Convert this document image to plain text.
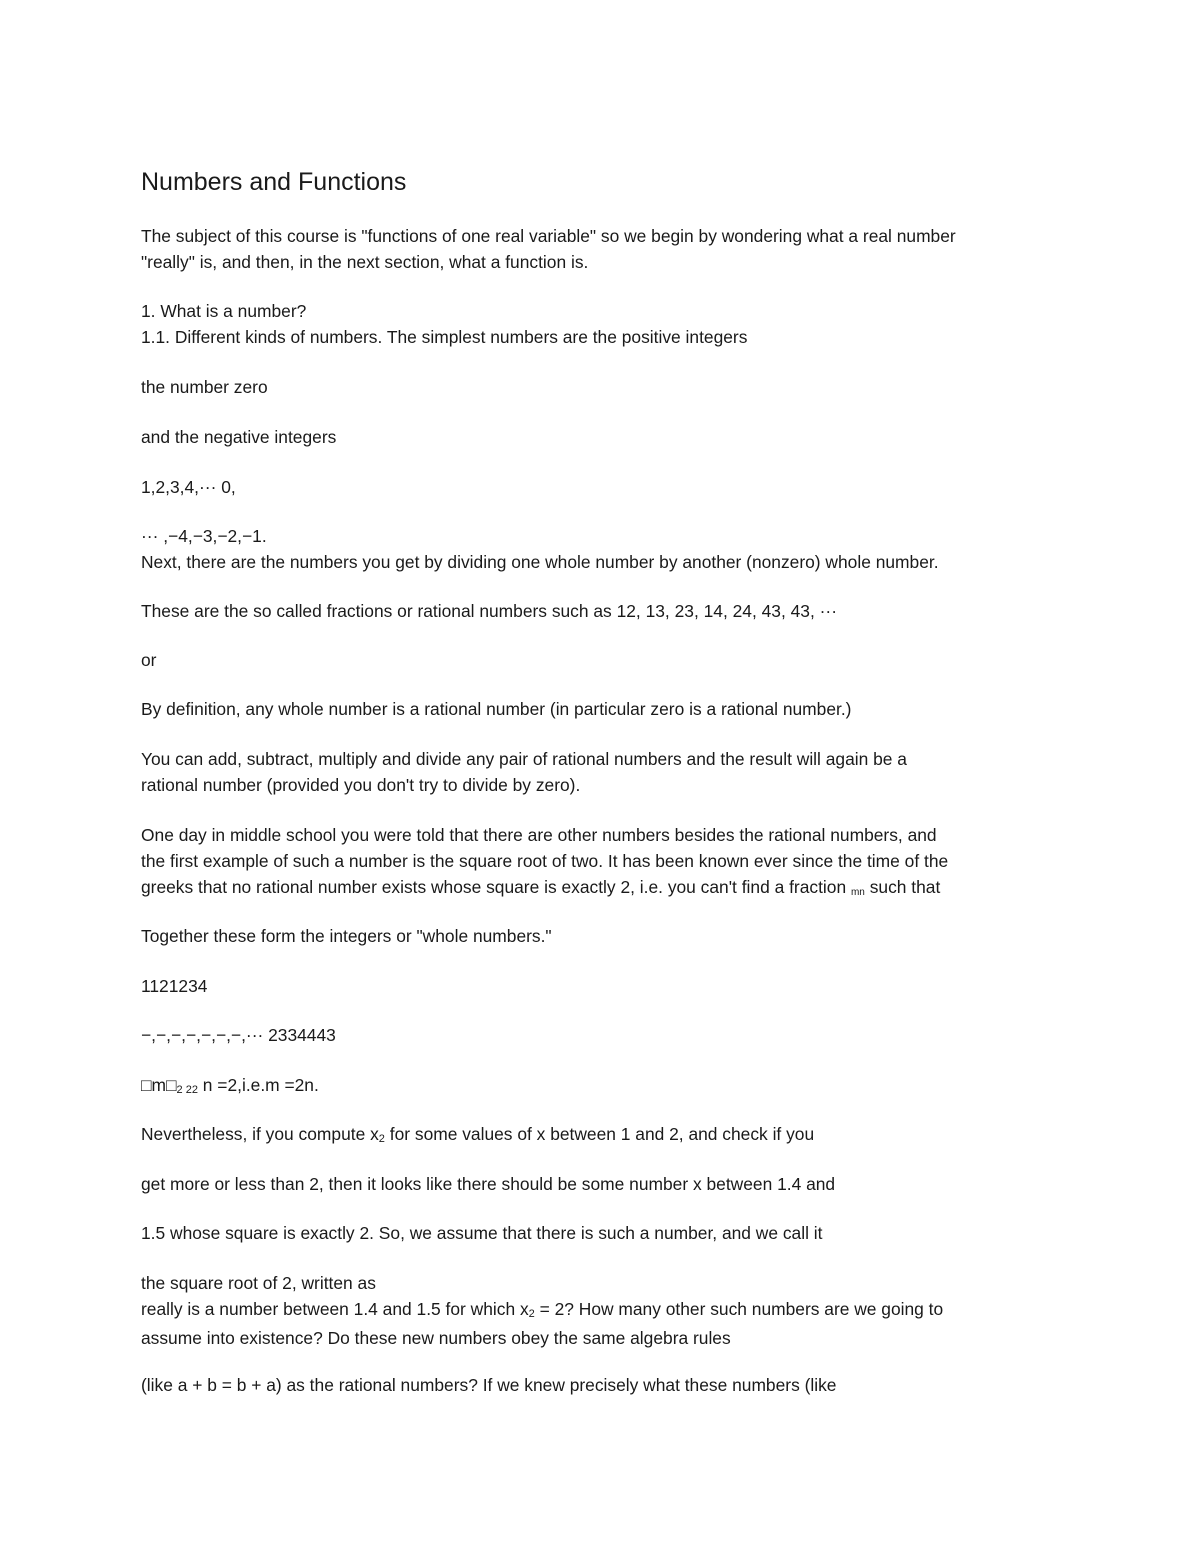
Numbers and Functions

The subject of this course is "functions of one real variable" so we begin by wondering what a real number
"really" is, and then, in the next section, what a function is.

1. What is a number?
1.1. Different kinds of numbers. The simplest numbers are the positive integers

the number zero

and the negative integers

1,2,3,4,··· 0,

··· ,−4,−3,−2,−1.
Next, there are the numbers you get by dividing one whole number by another (nonzero) whole number.

These are the so called fractions or rational numbers such as 12, 13, 23, 14, 24, 43, 43, ···

or

By definition, any whole number is a rational number (in particular zero is a rational number.)

You can add, subtract, multiply and divide any pair of rational numbers and the result will again be a
rational number (provided you don't try to divide by zero).

One day in middle school you were told that there are other numbers besides the rational numbers, and
the first example of such a number is the square root of two. It has been known ever since the time of the
greeks that no rational number exists whose square is exactly 2, i.e. you can't find a fraction mn such that

Together these form the integers or "whole numbers."

1121234

−,−,−,−,−,−,−,··· 2334443

□m□2 22 n =2,i.e.m =2n.

Nevertheless, if you compute x2 for some values of x between 1 and 2, and check if you

get more or less than 2, then it looks like there should be some number x between 1.4 and

1.5 whose square is exactly 2. So, we assume that there is such a number, and we call it

the square root of 2, written as
really is a number between 1.4 and 1.5 for which x2 = 2? How many other such numbers are we going to
assume into existence? Do these new numbers obey the same algebra rules

(like a + b = b + a) as the rational numbers? If we knew precisely what these numbers (like
